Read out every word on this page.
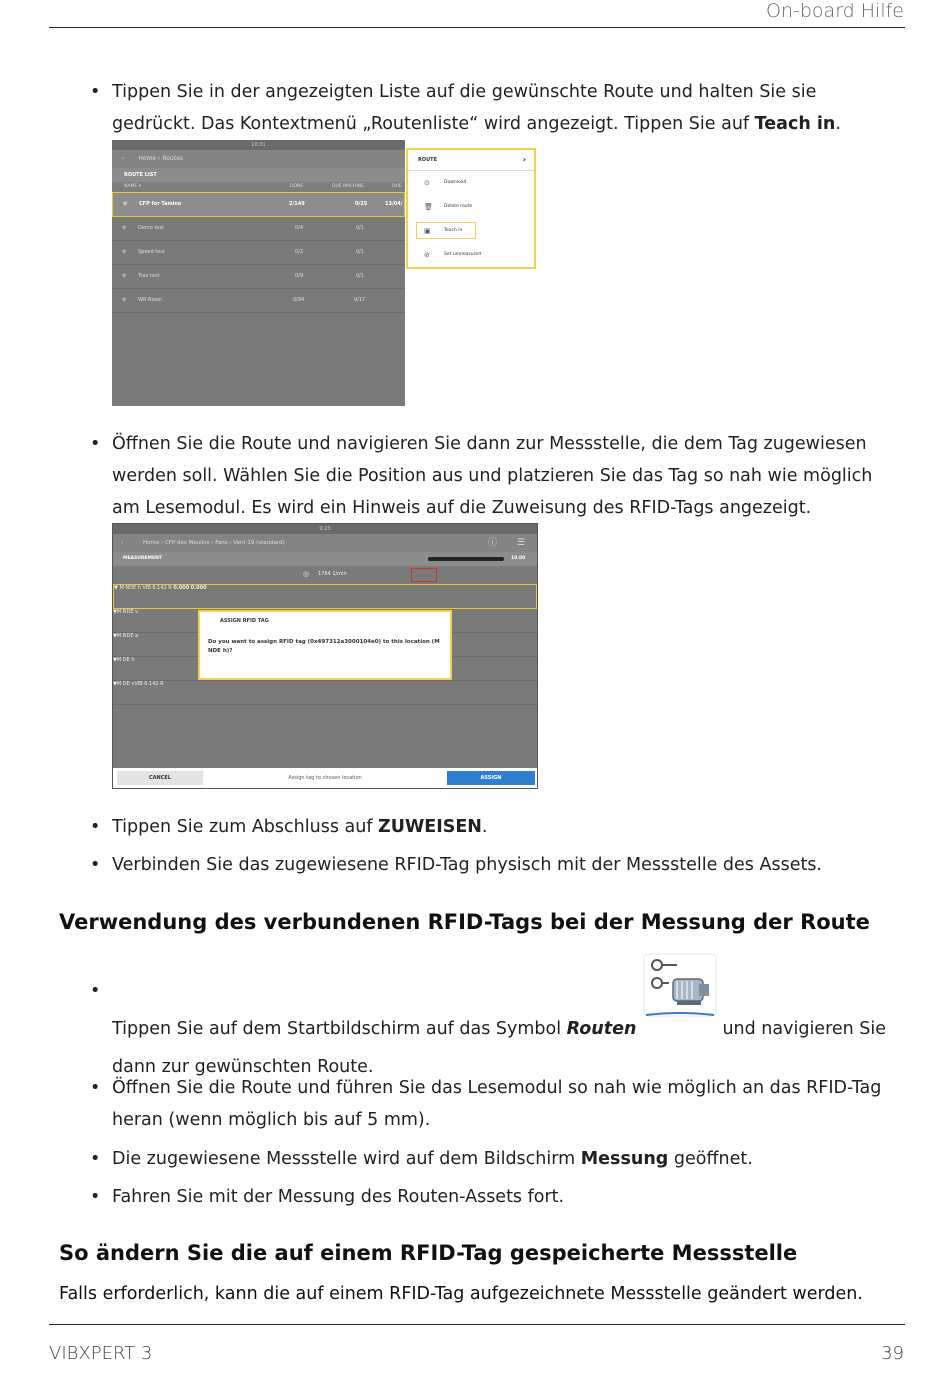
On-board Hilfe
• Tippen Sie in der angezeigten Liste auf die gewünschte Route und halten Sie sie
gedrückt. Das Kontextmenü „Routenliste“ wird angezeigt. Tippen Sie auf Teach in.
10:31
‹ Home › Routes
ROUTE LIST
NAME ▾	DONE	DUE MACHINE	DUE
⚙ CFP for Tamino	2/149	0/25	13/04/
⚙ Demo test	0/4	0/1
⚙ Speed test	0/2	0/1
⚙ Trax test	0/9	0/1
⚙ WR Boxer	0/94	0/17
ROUTE	›
⊙	Download
🗑 Delete route
▣	Teach in
⊘	Set unmeasured
• Öffnen Sie die Route und navigieren Sie dann zur Messstelle, die dem Tag zugewiesen
werden soll. Wählen Sie die Position aus und platzieren Sie das Tag so nah wie möglich
am Lesemodul. Es wird ein Hinweis auf die Zuweisung des RFID-Tags angezeigt.
9:23
‹	Home › CFP des Moulins › Fans › Vent 19 (standard)	ⓘ ☰
MEASUREMENT	10.00
◎ 1764 1/min
▼ M NDE h VIB 6.142 R 0.000 0.000
▼M NDE v
▼M NDE a
▼M DE h
▼M DE vVIB 6.142 R
ASSIGN RFID TAG
Do you want to assign RFID tag (0x497312a3000104e0) to this location (M NDE h)?
CANCEL	Assign tag to chosen location	ASSIGN
• Tippen Sie zum Abschluss auf ZUWEISEN.
• Verbinden Sie das zugewiesene RFID-Tag physisch mit der Messstelle des Assets.
Verwendung des verbundenen RFID-Tags bei der Messung der Route

• Tippen Sie auf dem Startbildschirm auf das Symbol Routen	und navigieren Sie
dann zur gewünschten Route.
• Öffnen Sie die Route und führen Sie das Lesemodul so nah wie möglich an das RFID-Tag
heran (wenn möglich bis auf 5 mm).
• Die zugewiesene Messstelle wird auf dem Bildschirm Messung geöffnet.
• Fahren Sie mit der Messung des Routen-Assets fort.
So ändern Sie die auf einem RFID-Tag gespeicherte Messstelle
Falls erforderlich, kann die auf einem RFID-Tag aufgezeichnete Messstelle geändert werden.
VIBXPERT 3	39
